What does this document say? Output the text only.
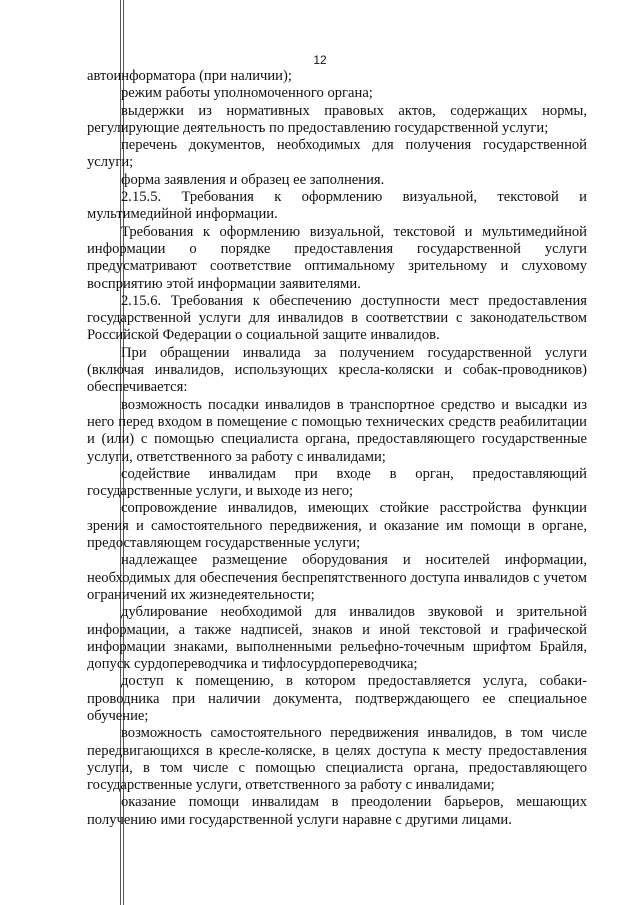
12

автоинформатора (при наличии);

режим работы уполномоченного органа;

выдержки из нормативных правовых актов, содержащих нормы, регулирующие деятельность по предоставлению государственной услуги;

перечень документов, необходимых для получения государственной услуги;

форма заявления и образец ее заполнения.

2.15.5. Требования к оформлению визуальной, текстовой и мультимедийной информации.

Требования к оформлению визуальной, текстовой и мультимедийной информации о порядке предоставления государственной услуги предусматривают соответствие оптимальному зрительному и слуховому восприятию этой информации заявителями.

2.15.6. Требования к обеспечению доступности мест предоставления государственной услуги для инвалидов в соответствии с законодательством Российской Федерации о социальной защите инвалидов.

При обращении инвалида за получением государственной услуги (включая инвалидов, использующих кресла-коляски и собак-проводников) обеспечивается:

возможность посадки инвалидов в транспортное средство и высадки из него перед входом в помещение с помощью технических средств реабилитации и (или) с помощью специалиста органа, предоставляющего государственные услуги, ответственного за работу с инвалидами;

содействие инвалидам при входе в орган, предоставляющий государственные услуги, и выходе из него;

сопровождение инвалидов, имеющих стойкие расстройства функции зрения и самостоятельного передвижения, и оказание им помощи в органе, предоставляющем государственные услуги;

надлежащее размещение оборудования и носителей информации, необходимых для обеспечения беспрепятственного доступа инвалидов с учетом ограничений их жизнедеятельности;

дублирование необходимой для инвалидов звуковой и зрительной информации, а также надписей, знаков и иной текстовой и графической информации знаками, выполненными рельефно-точечным шрифтом Брайля, допуск сурдопереводчика и тифлосурдопереводчика;

доступ к помещению, в котором предоставляется услуга, собаки-проводника при наличии документа, подтверждающего ее специальное обучение;

возможность самостоятельного передвижения инвалидов, в том числе передвигающихся в кресле-коляске, в целях доступа к месту предоставления услуги, в том числе с помощью специалиста органа, предоставляющего государственные услуги, ответственного за работу с инвалидами;

оказание помощи инвалидам в преодолении барьеров, мешающих получению ими государственной услуги наравне с другими лицами.
